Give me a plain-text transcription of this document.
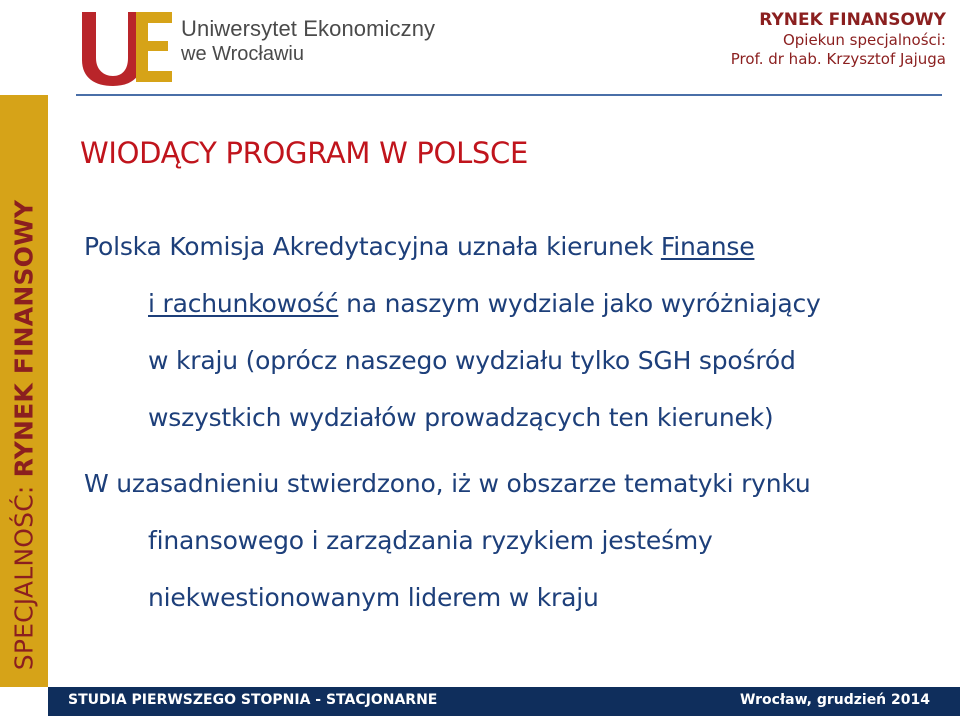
Uniwersytet Ekonomiczny
we Wrocławiu
RYNEK FINANSOWY
Opiekun specjalności:
Prof. dr hab. Krzysztof Jajuga
SPECJALNOŚĆ: RYNEK FINANSOWY
WIODĄCY PROGRAM W POLSCE
Polska Komisja Akredytacyjna uznała kierunek Finanse
i rachunkowość na naszym wydziale jako wyróżniający
w kraju (oprócz naszego wydziału tylko SGH spośród
wszystkich wydziałów prowadzących ten kierunek)
W uzasadnieniu stwierdzono, iż w obszarze tematyki rynku
finansowego i zarządzania ryzykiem jesteśmy
niekwestionowanym liderem w kraju
STUDIA PIERWSZEGO STOPNIA - STACJONARNE	Wrocław, grudzień 2014
